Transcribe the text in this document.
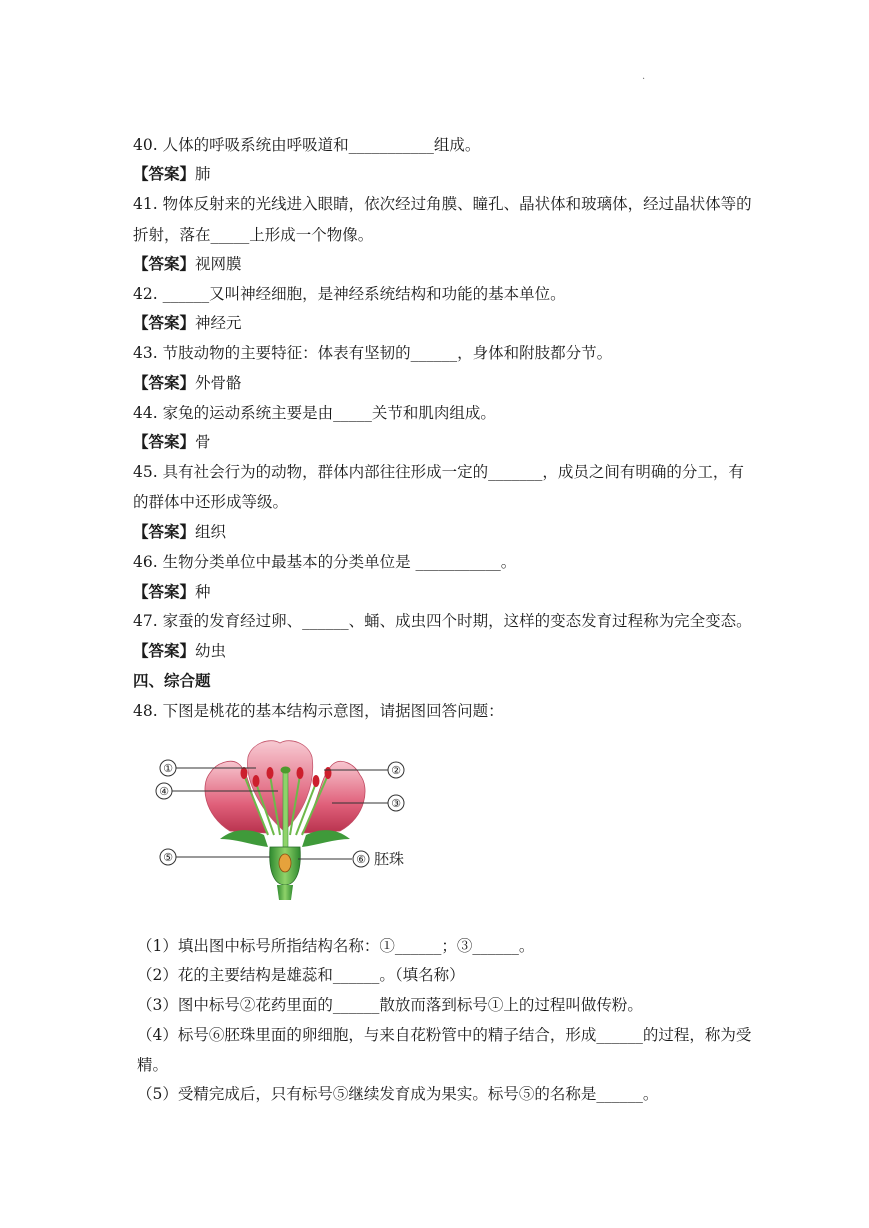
·
40. 人体的呼吸系统由呼吸道和___________组成。
【答案】肺
41. 物体反射来的光线进入眼睛，依次经过角膜、瞳孔、晶状体和玻璃体，经过晶状体等的
折射，落在_____上形成一个物像。
【答案】视网膜
42. ______又叫神经细胞，是神经系统结构和功能的基本单位。
【答案】神经元
43. 节肢动物的主要特征：体表有坚韧的______，身体和附肢都分节。
【答案】外骨骼
44. 家兔的运动系统主要是由_____关节和肌肉组成。
【答案】骨
45. 具有社会行为的动物，群体内部往往形成一定的_______，成员之间有明确的分工，有
的群体中还形成等级。
【答案】组织
46. 生物分类单位中最基本的分类单位是 ___________。
【答案】种
47. 家蚕的发育经过卵、______、蛹、成虫四个时期，这样的变态发育过程称为完全变态。
【答案】幼虫
四、综合题
48. 下图是桃花的基本结构示意图，请据图回答问题：
①
④
⑤
②
③
⑥ 胚珠
（1）填出图中标号所指结构名称：①______；③______。
（2）花的主要结构是雄蕊和______。（填名称）
（3）图中标号②花药里面的______散放而落到标号①上的过程叫做传粉。
（4）标号⑥胚珠里面的卵细胞，与来自花粉管中的精子结合，形成______的过程，称为受
精。
（5）受精完成后，只有标号⑤继续发育成为果实。标号⑤的名称是______。
